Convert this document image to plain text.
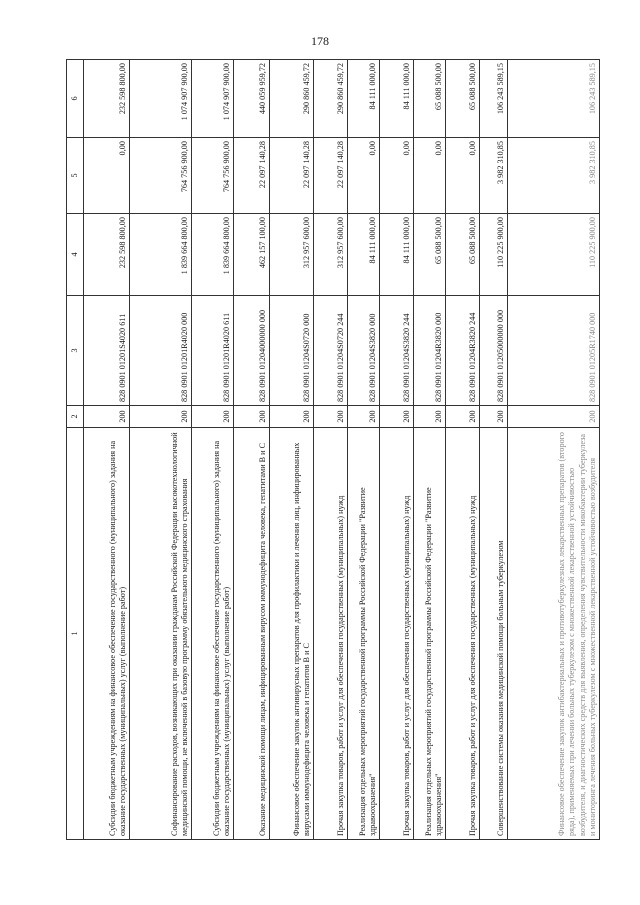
178
1	2	3	4	5	6
Субсидии бюджетным учреждениям на финансовое обеспечение государственного (муниципального) задания на оказание государственных (муниципальных) услуг (выполнение работ)	200	828 0901 01201S4020 611	232 598 800,00	0,00	232 598 800,00
Софинансирование расходов, возникающих при оказании гражданам Российской Федерации высокотехнологичной медицинской помощи, не включенной в базовую программу обязательного медицинского страхования	200	828 0901 01201R4020 000	1 839 664 800,00	764 756 900,00	1 074 907 900,00
Субсидии бюджетным учреждениям на финансовое обеспечение государственного (муниципального) задания на оказание государственных (муниципальных) услуг (выполнение работ)	200	828 0901 01201R4020 611	1 839 664 800,00	764 756 900,00	1 074 907 900,00
Оказание медицинской помощи лицам, инфицированным вирусом иммунодефицита человека, гепатитами B и C	200	828 0901 01204000000 000	462 157 100,00	22 097 140,28	440 059 959,72
Финансовое обеспечение закупок антивирусных препаратов для профилактики и лечения лиц, инфицированных вирусами иммунодефицита человека и гепатитов B и C	200	828 0901 01204S0720 000	312 957 600,00	22 097 140,28	290 860 459,72
Прочая закупка товаров, работ и услуг для обеспечения государственных (муниципальных) нужд	200	828 0901 01204S0720 244	312 957 600,00	22 097 140,28	290 860 459,72
Реализация отдельных мероприятий государственной программы Российской Федерации "Развитие здравоохранения"	200	828 0901 01204S3820 000	84 111 000,00	0,00	84 111 000,00
Прочая закупка товаров, работ и услуг для обеспечения государственных (муниципальных) нужд	200	828 0901 01204S3820 244	84 111 000,00	0,00	84 111 000,00
Реализация отдельных мероприятий государственной программы Российской Федерации "Развитие здравоохранения"	200	828 0901 01204R3820 000	65 088 500,00	0,00	65 088 500,00
Прочая закупка товаров, работ и услуг для обеспечения государственных (муниципальных) нужд	200	828 0901 01204R3820 244	65 088 500,00	0,00	65 088 500,00
Совершенствование системы оказания медицинской помощи больным туберкулезом	200	828 0901 01205000000 000	110 225 900,00	3 982 310,85	106 243 589,15
Финансовое обеспечение закупок антибактериальных и противотуберкулезных лекарственных препаратов (второго ряда), применяемых при лечении больных туберкулезом с множественной лекарственной устойчивостью возбудителя, и диагностических средств для выявления, определения чувствительности микобактерии туберкулеза и мониторинга лечения больных туберкулезом с множественной лекарственной устойчивостью возбудителя	200	828 0901 01205R1740 000	110 225 900,00	3 982 310,85	106 243 589,15
